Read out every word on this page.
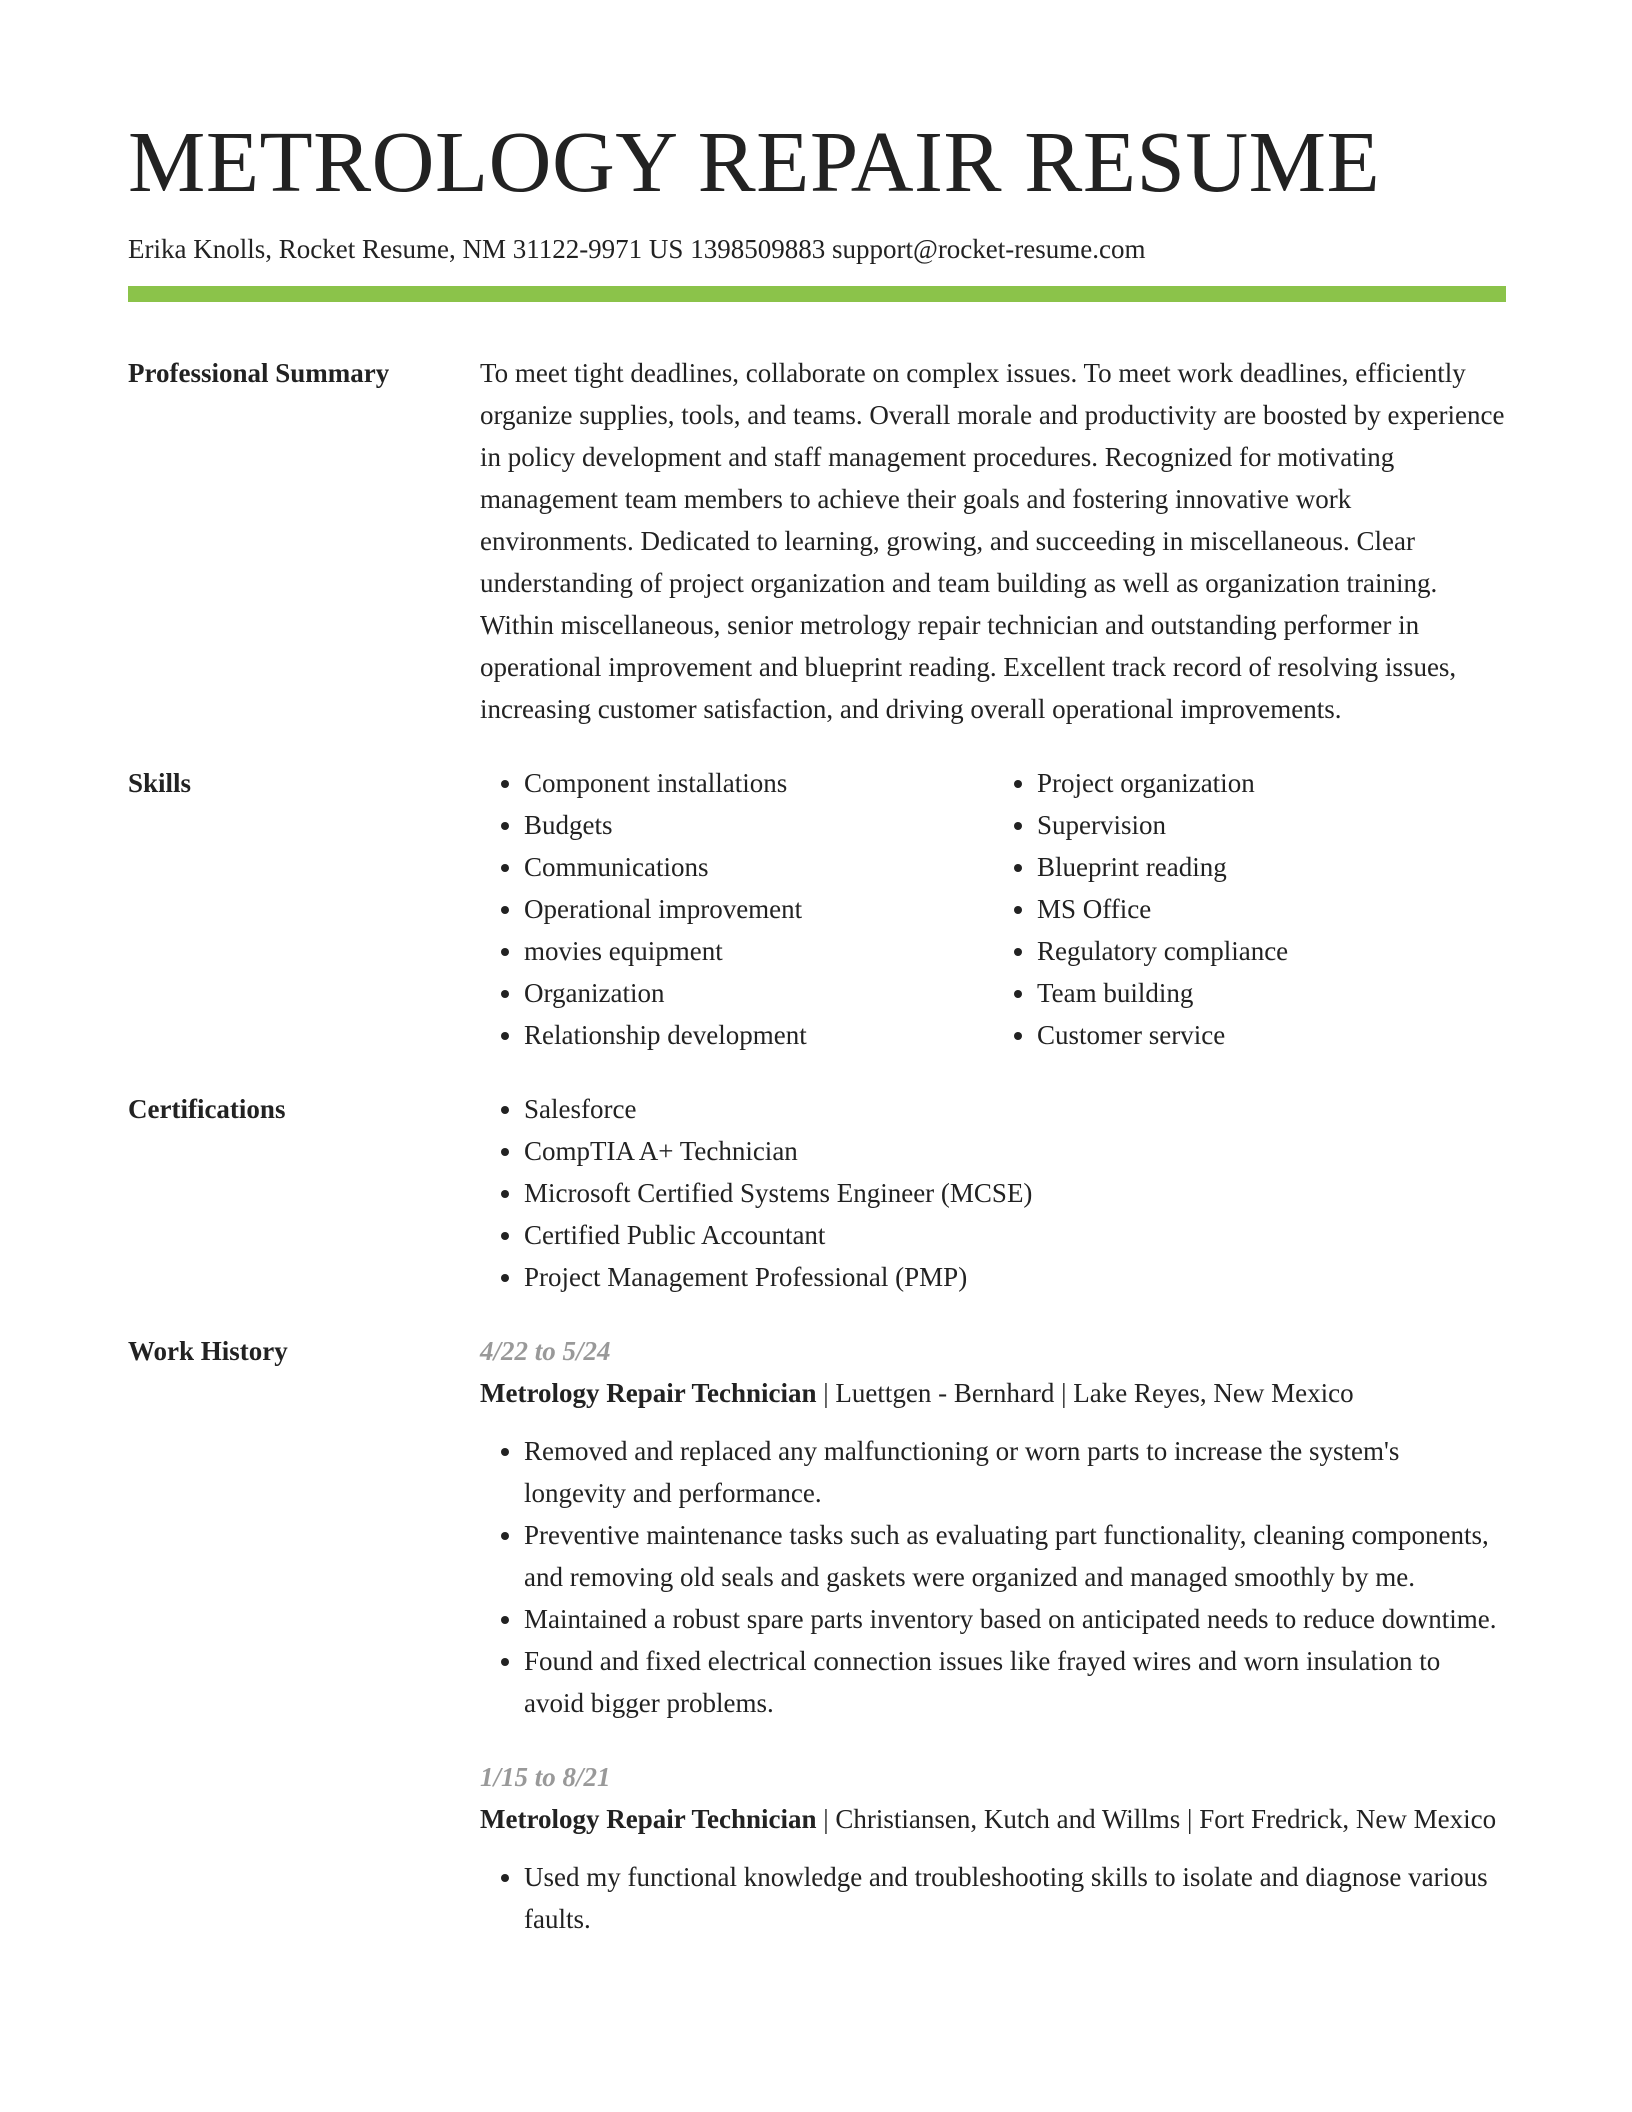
METROLOGY REPAIR RESUME
Erika Knolls, Rocket Resume, NM 31122-9971 US 1398509883 support@rocket-resume.com
Professional Summary	To meet tight deadlines, collaborate on complex issues. To meet work deadlines, efficiently organize supplies, tools, and teams. Overall morale and productivity are boosted by experience in policy development and staff management procedures. Recognized for motivating management team members to achieve their goals and fostering innovative work environments. Dedicated to learning, growing, and succeeding in miscellaneous. Clear understanding of project organization and team building as well as organization training. Within miscellaneous, senior metrology repair technician and outstanding performer in operational improvement and blueprint reading. Excellent track record of resolving issues, increasing customer satisfaction, and driving overall operational improvements.

Skills	• Component installations
• Budgets
• Communications
• Operational improvement
• movies equipment
• Organization
• Relationship development
• Project organization
• Supervision
• Blueprint reading
• MS Office
• Regulatory compliance
• Team building
• Customer service
Certifications	• Salesforce
• CompTIA A+ Technician
• Microsoft Certified Systems Engineer (MCSE)
• Certified Public Accountant
• Project Management Professional (PMP)
Work History	4/22 to 5/24
Metrology Repair Technician | Luettgen - Bernhard | Lake Reyes, New Mexico
• Removed and replaced any malfunctioning or worn parts to increase the system's longevity and performance.
• Preventive maintenance tasks such as evaluating part functionality, cleaning components, and removing old seals and gaskets were organized and managed smoothly by me.
• Maintained a robust spare parts inventory based on anticipated needs to reduce downtime.
• Found and fixed electrical connection issues like frayed wires and worn insulation to avoid bigger problems.
1/15 to 8/21
Metrology Repair Technician | Christiansen, Kutch and Willms | Fort Fredrick, New Mexico
• Used my functional knowledge and troubleshooting skills to isolate and diagnose various faults.
